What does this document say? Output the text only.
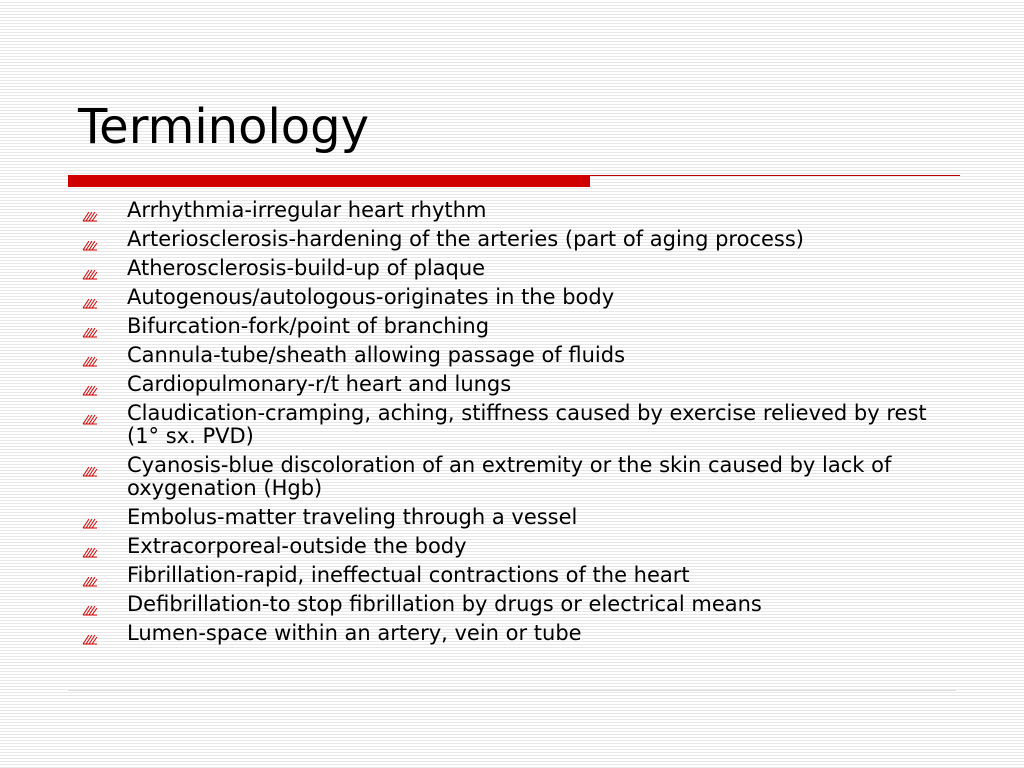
Terminology
Arrhythmia-irregular heart rhythm
Arteriosclerosis-hardening of the arteries (part of aging process)
Atherosclerosis-build-up of plaque
Autogenous/autologous-originates in the body
Bifurcation-fork/point of branching
Cannula-tube/sheath allowing passage of fluids
Cardiopulmonary-r/t heart and lungs
Claudication-cramping, aching, stiffness caused by exercise relieved by rest (1° sx. PVD)
Cyanosis-blue discoloration of an extremity or the skin caused by lack of oxygenation (Hgb)
Embolus-matter traveling through a vessel
Extracorporeal-outside the body
Fibrillation-rapid, ineffectual contractions of the heart
Defibrillation-to stop fibrillation by drugs or electrical means
Lumen-space within an artery, vein or tube
